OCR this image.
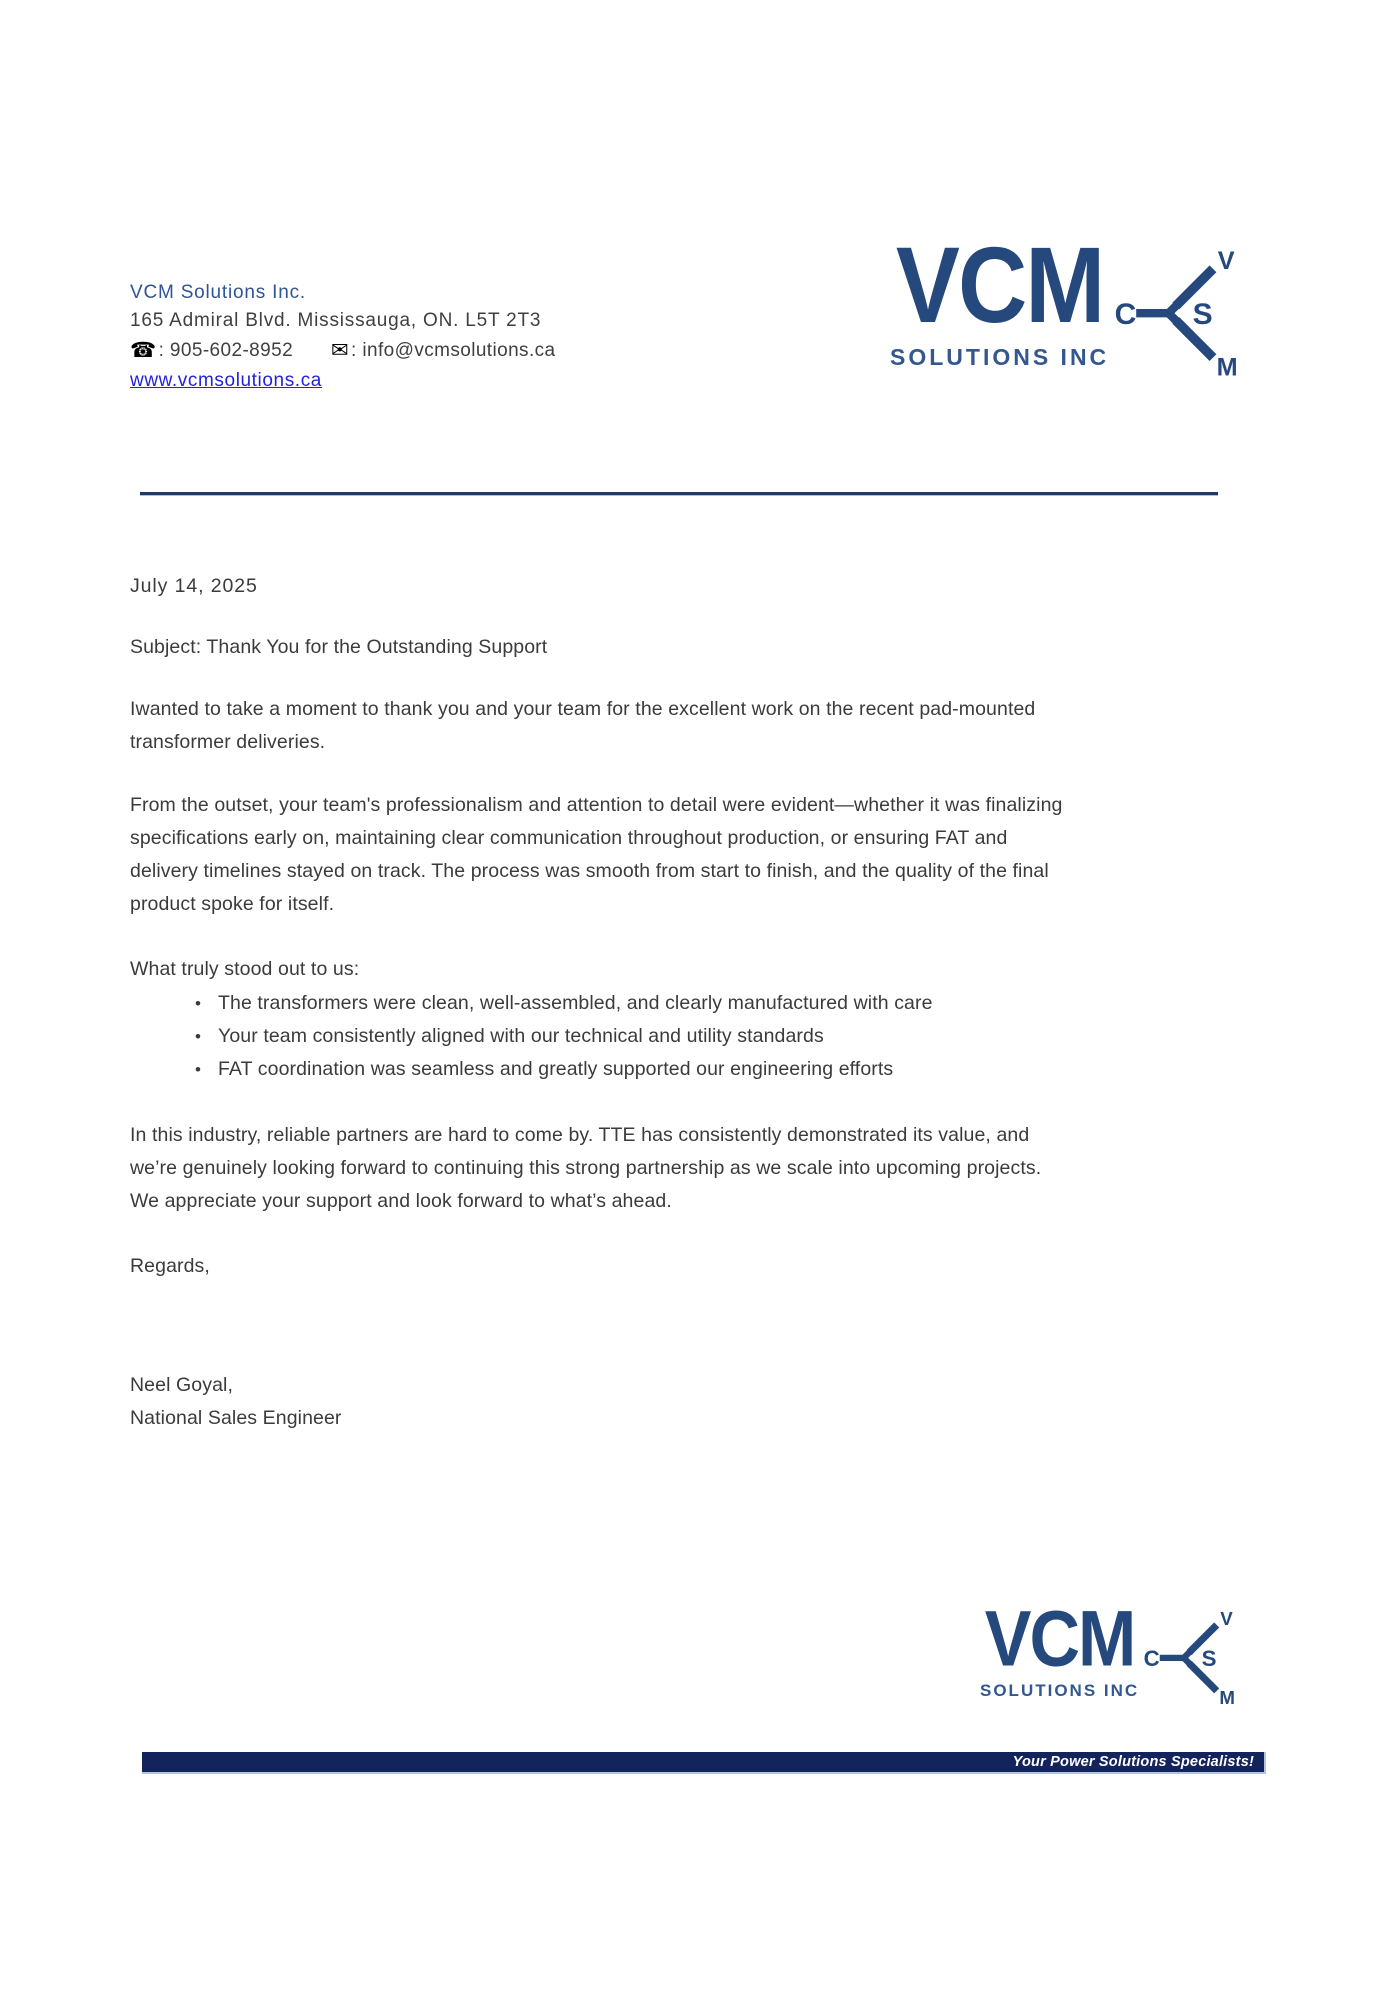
VCM
SOLUTIONS INC
C S
V
M
VCM Solutions Inc.
165 Admiral Blvd. Mississauga, ON. L5T 2T3
☎ : 905-602-8952 ✉ : info@vcmsolutions.ca
www.vcmsolutions.ca
July 14, 2025
Subject: Thank You for the Outstanding Support
Iwanted to take a moment to thank you and your team for the excellent work on the recent pad-mounted transformer deliveries.
From the outset, your team's professionalism and attention to detail were evident—whether it was finalizing specifications early on, maintaining clear communication throughout production, or ensuring FAT and delivery timelines stayed on track. The process was smooth from start to finish, and the quality of the final product spoke for itself.
What truly stood out to us:
• The transformers were clean, well-assembled, and clearly manufactured with care
• Your team consistently aligned with our technical and utility standards
• FAT coordination was seamless and greatly supported our engineering efforts
In this industry, reliable partners are hard to come by. TTE has consistently demonstrated its value, and we’re genuinely looking forward to continuing this strong partnership as we scale into upcoming projects.
We appreciate your support and look forward to what’s ahead.
Regards,
Neel Goyal,
National Sales Engineer
VCM
SOLUTIONS INC
C S
V
M
Your Power Solutions Specialists!
